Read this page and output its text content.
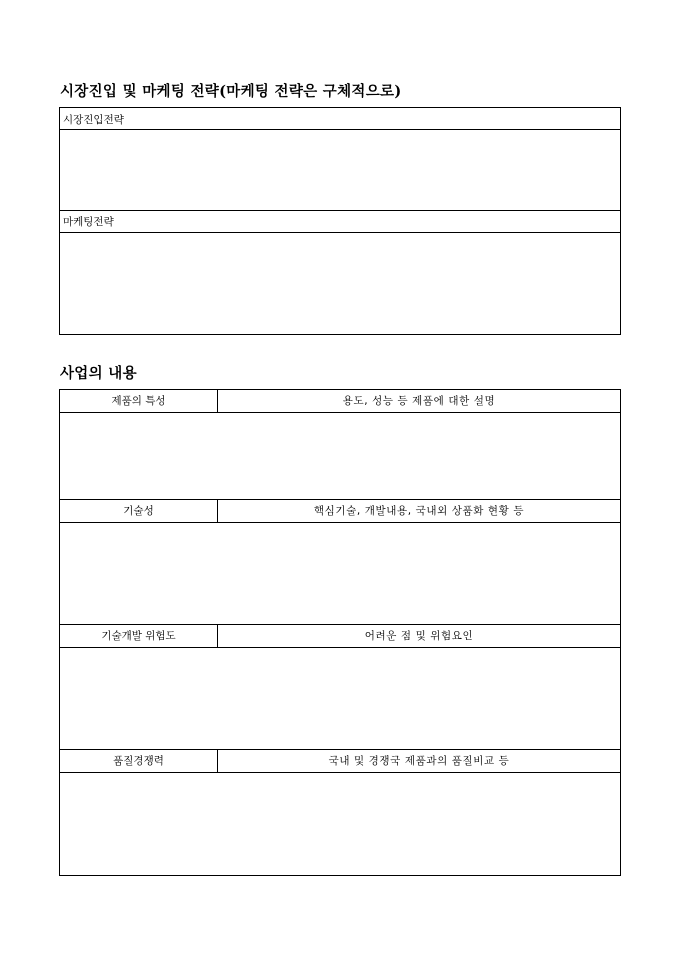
시장진입 및 마케팅 전략(마케팅 전략은 구체적으로)
시장진입전략
마케팅전략
사업의 내용
제품의 특성	용도, 성능 등 제품에 대한 설명
기술성	핵심기술, 개발내용, 국내외 상품화 현황 등
기술개발 위험도	어려운 점 및 위험요인
품질경쟁력	국내 및 경쟁국 제품과의 품질비교 등
